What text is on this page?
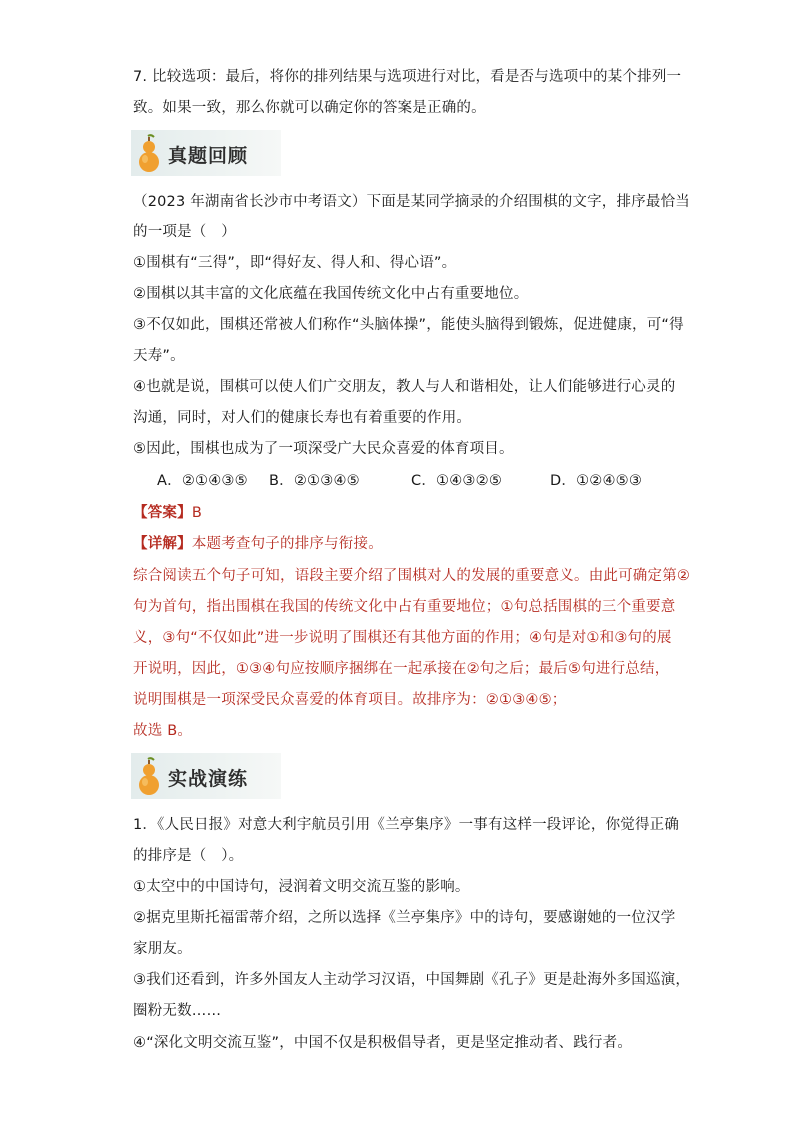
7. 比较选项：最后，将你的排列结果与选项进行对比，看是否与选项中的某个排列一
致。如果一致，那么你就可以确定你的答案是正确的。
真题回顾
（2023 年湖南省长沙市中考语文）下面是某同学摘录的介绍围棋的文字，排序最恰当
的一项是（　）
①围棋有“三得”，即“得好友、得人和、得心语”。
②围棋以其丰富的文化底蕴在我国传统文化中占有重要地位。
③不仅如此，围棋还常被人们称作“头脑体操”，能使头脑得到锻炼，促进健康，可“得
天寿”。
④也就是说，围棋可以使人们广交朋友，教人与人和谐相处，让人们能够进行心灵的
沟通，同时，对人们的健康长寿也有着重要的作用。
⑤因此，围棋也成为了一项深受广大民众喜爱的体育项目。
A．②①④③⑤ B．②①③④⑤	C．①④③②⑤	D．①②④⑤③
【答案】B
【详解】本题考查句子的排序与衔接。
综合阅读五个句子可知，语段主要介绍了围棋对人的发展的重要意义。由此可确定第②
句为首句，指出围棋在我国的传统文化中占有重要地位；①句总括围棋的三个重要意
义，③句“不仅如此”进一步说明了围棋还有其他方面的作用；④句是对①和③句的展
开说明，因此，①③④句应按顺序捆绑在一起承接在②句之后；最后⑤句进行总结，
说明围棋是一项深受民众喜爱的体育项目。故排序为：②①③④⑤；
故选 B。
实战演练
1．《人民日报》对意大利宇航员引用《兰亭集序》一事有这样一段评论，你觉得正确
的排序是（　）。
①太空中的中国诗句，浸润着文明交流互鉴的影响。
②据克里斯托福雷蒂介绍，之所以选择《兰亭集序》中的诗句，要感谢她的一位汉学
家朋友。
③我们还看到，许多外国友人主动学习汉语，中国舞剧《孔子》更是赴海外多国巡演，
圈粉无数……
④“深化文明交流互鉴”，中国不仅是积极倡导者，更是坚定推动者、践行者。
